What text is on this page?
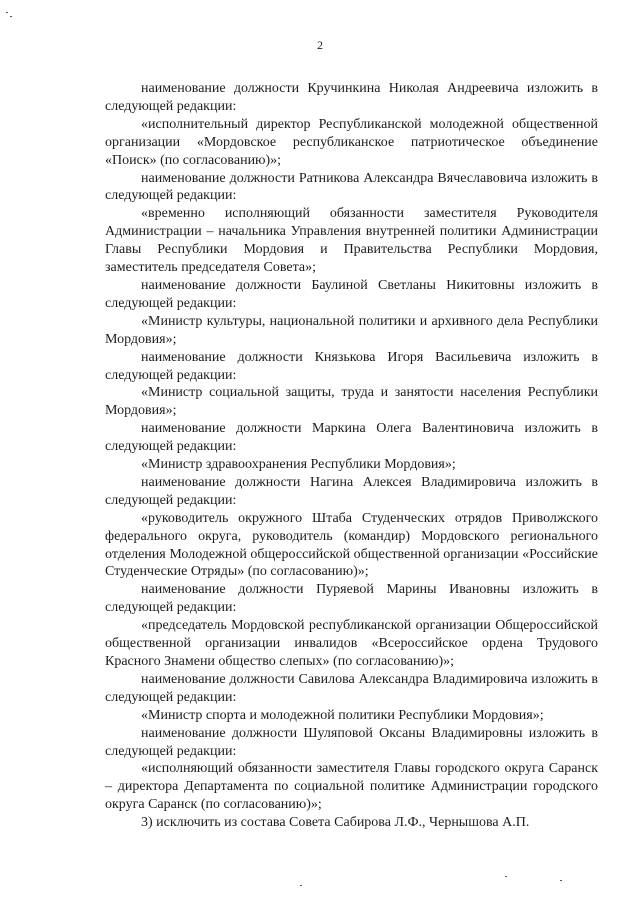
2

наименование должности Кручинкина Николая Андреевича изложить в следующей редакции:

«исполнительный директор Республиканской молодежной общественной организации «Мордовское республиканское патриотическое объединение «Поиск» (по согласованию)»;

наименование должности Ратникова Александра Вячеславовича изложить в следующей редакции:

«временно исполняющий обязанности заместителя Руководителя Администрации – начальника Управления внутренней политики Администрации Главы Республики Мордовия и Правительства Республики Мордовия, заместитель председателя Совета»;

наименование должности Баулиной Светланы Никитовны изложить в следующей редакции:

«Министр культуры, национальной политики и архивного дела Республики Мордовия»;

наименование должности Князькова Игоря Васильевича изложить в следующей редакции:

«Министр социальной защиты, труда и занятости населения Республики Мордовия»;

наименование должности Маркина Олега Валентиновича изложить в следующей редакции:

«Министр здравоохранения Республики Мордовия»;

наименование должности Нагина Алексея Владимировича изложить в следующей редакции:

«руководитель окружного Штаба Студенческих отрядов Приволжского федерального округа, руководитель (командир) Мордовского регионального отделения Молодежной общероссийской общественной организации «Российские Студенческие Отряды» (по согласованию)»;

наименование должности Пуряевой Марины Ивановны изложить в следующей редакции:

«председатель Мордовской республиканской организации Общероссийской общественной организации инвалидов «Всероссийское ордена Трудового Красного Знамени общество слепых» (по согласованию)»;

наименование должности Савилова Александра Владимировича изложить в следующей редакции:

«Министр спорта и молодежной политики Республики Мордовия»;

наименование должности Шуляповой Оксаны Владимировны изложить в следующей редакции:

«исполняющий обязанности заместителя Главы городского округа Саранск – директора Департамента по социальной политике Администрации городского округа Саранск (по согласованию)»;

3) исключить из состава Совета Сабирова Л.Ф., Чернышова А.П.
